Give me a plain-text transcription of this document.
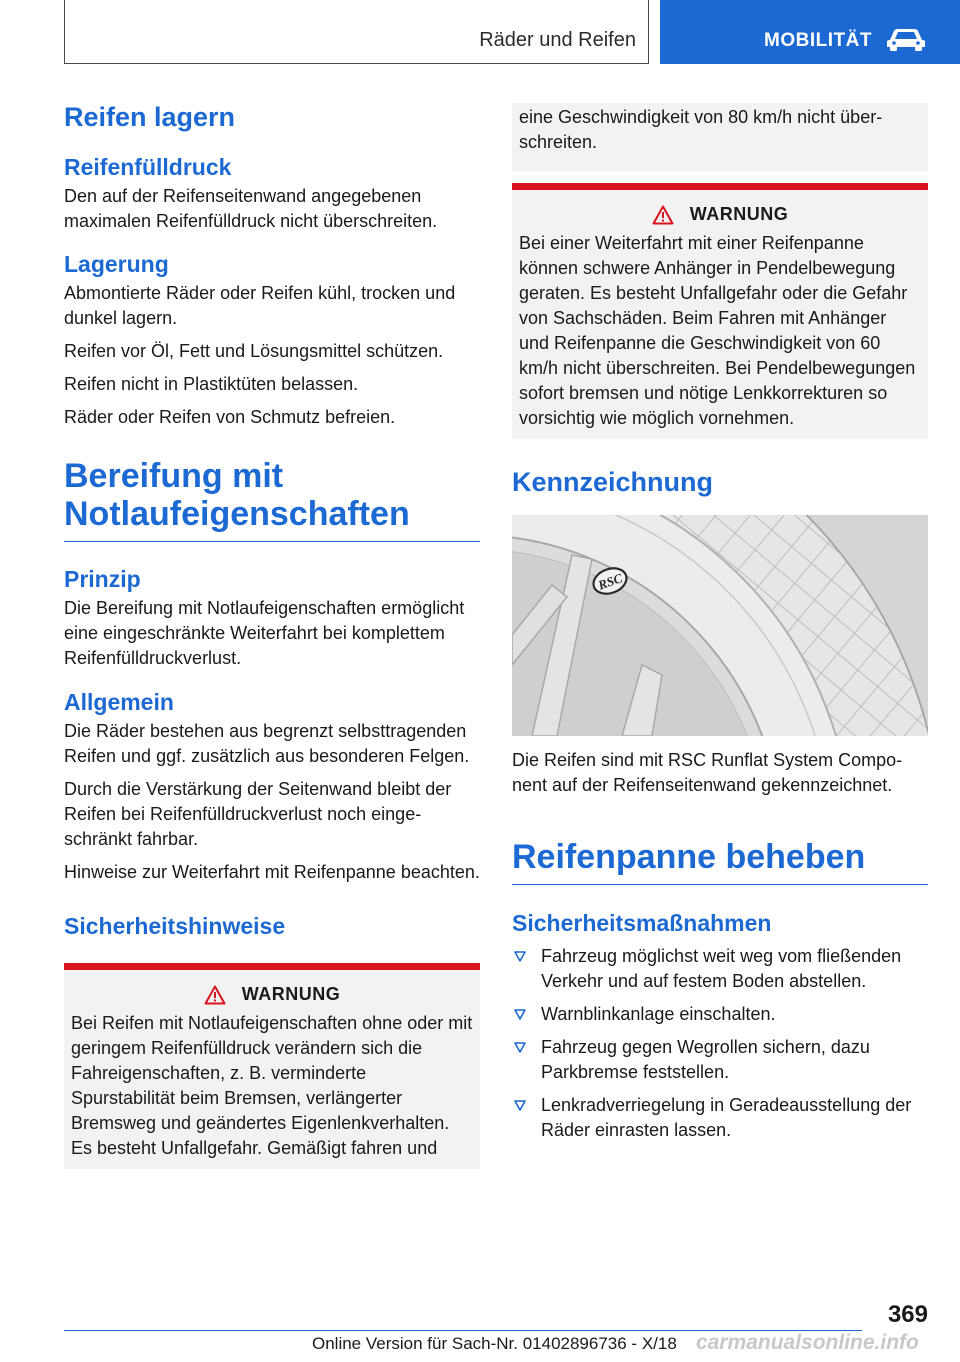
Räder und Reifen	MOBILITÄT
Reifen lagern
Reifenfülldruck
Den auf der Reifenseitenwand angegebenen maximalen Reifenfülldruck nicht überschreiten.
Lagerung
Abmontierte Räder oder Reifen kühl, trocken und dunkel lagern.
Reifen vor Öl, Fett und Lösungsmittel schützen.
Reifen nicht in Plastiktüten belassen.
Räder oder Reifen von Schmutz befreien.
Bereifung mit Notlaufeigenschaften
Prinzip
Die Bereifung mit Notlaufeigenschaften ermöglicht eine eingeschränkte Weiterfahrt bei komplettem Reifenfülldruckverlust.
Allgemein
Die Räder bestehen aus begrenzt selbsttragenden Reifen und ggf. zusätzlich aus besonderen Felgen.
Durch die Verstärkung der Seitenwand bleibt der Reifen bei Reifenfülldruckverlust noch eingeschränkt fahrbar.
Hinweise zur Weiterfahrt mit Reifenpanne beachten.
Sicherheitshinweise
WARNUNG
Bei Reifen mit Notlaufeigenschaften ohne oder mit geringem Reifenfülldruck verändern sich die Fahreigenschaften, z. B. verminderte Spurstabilität beim Bremsen, verlängerter Bremsweg und geändertes Eigenlenkverhalten. Es besteht Unfallgefahr. Gemäßigt fahren und
eine Geschwindigkeit von 80 km/h nicht überschreiten.
WARNUNG
Bei einer Weiterfahrt mit einer Reifenpanne können schwere Anhänger in Pendelbewegung geraten. Es besteht Unfallgefahr oder die Gefahr von Sachschäden. Beim Fahren mit Anhänger und Reifenpanne die Geschwindigkeit von 60 km/h nicht überschreiten. Bei Pendelbewegungen sofort bremsen und nötige Lenkkorrekturen so vorsichtig wie möglich vornehmen.
Kennzeichnung
RSC
Die Reifen sind mit RSC Runflat System Component auf der Reifenseitenwand gekennzeichnet.
Reifenpanne beheben
Sicherheitsmaßnahmen
Fahrzeug möglichst weit weg vom fließenden Verkehr und auf festem Boden abstellen.
Warnblinkanlage einschalten.
Fahrzeug gegen Wegrollen sichern, dazu Parkbremse feststellen.
Lenkradverriegelung in Geradeausstellung der Räder einrasten lassen.
369
Online Version für Sach-Nr. 01402896736 - X/18 carmanualsonline.info
